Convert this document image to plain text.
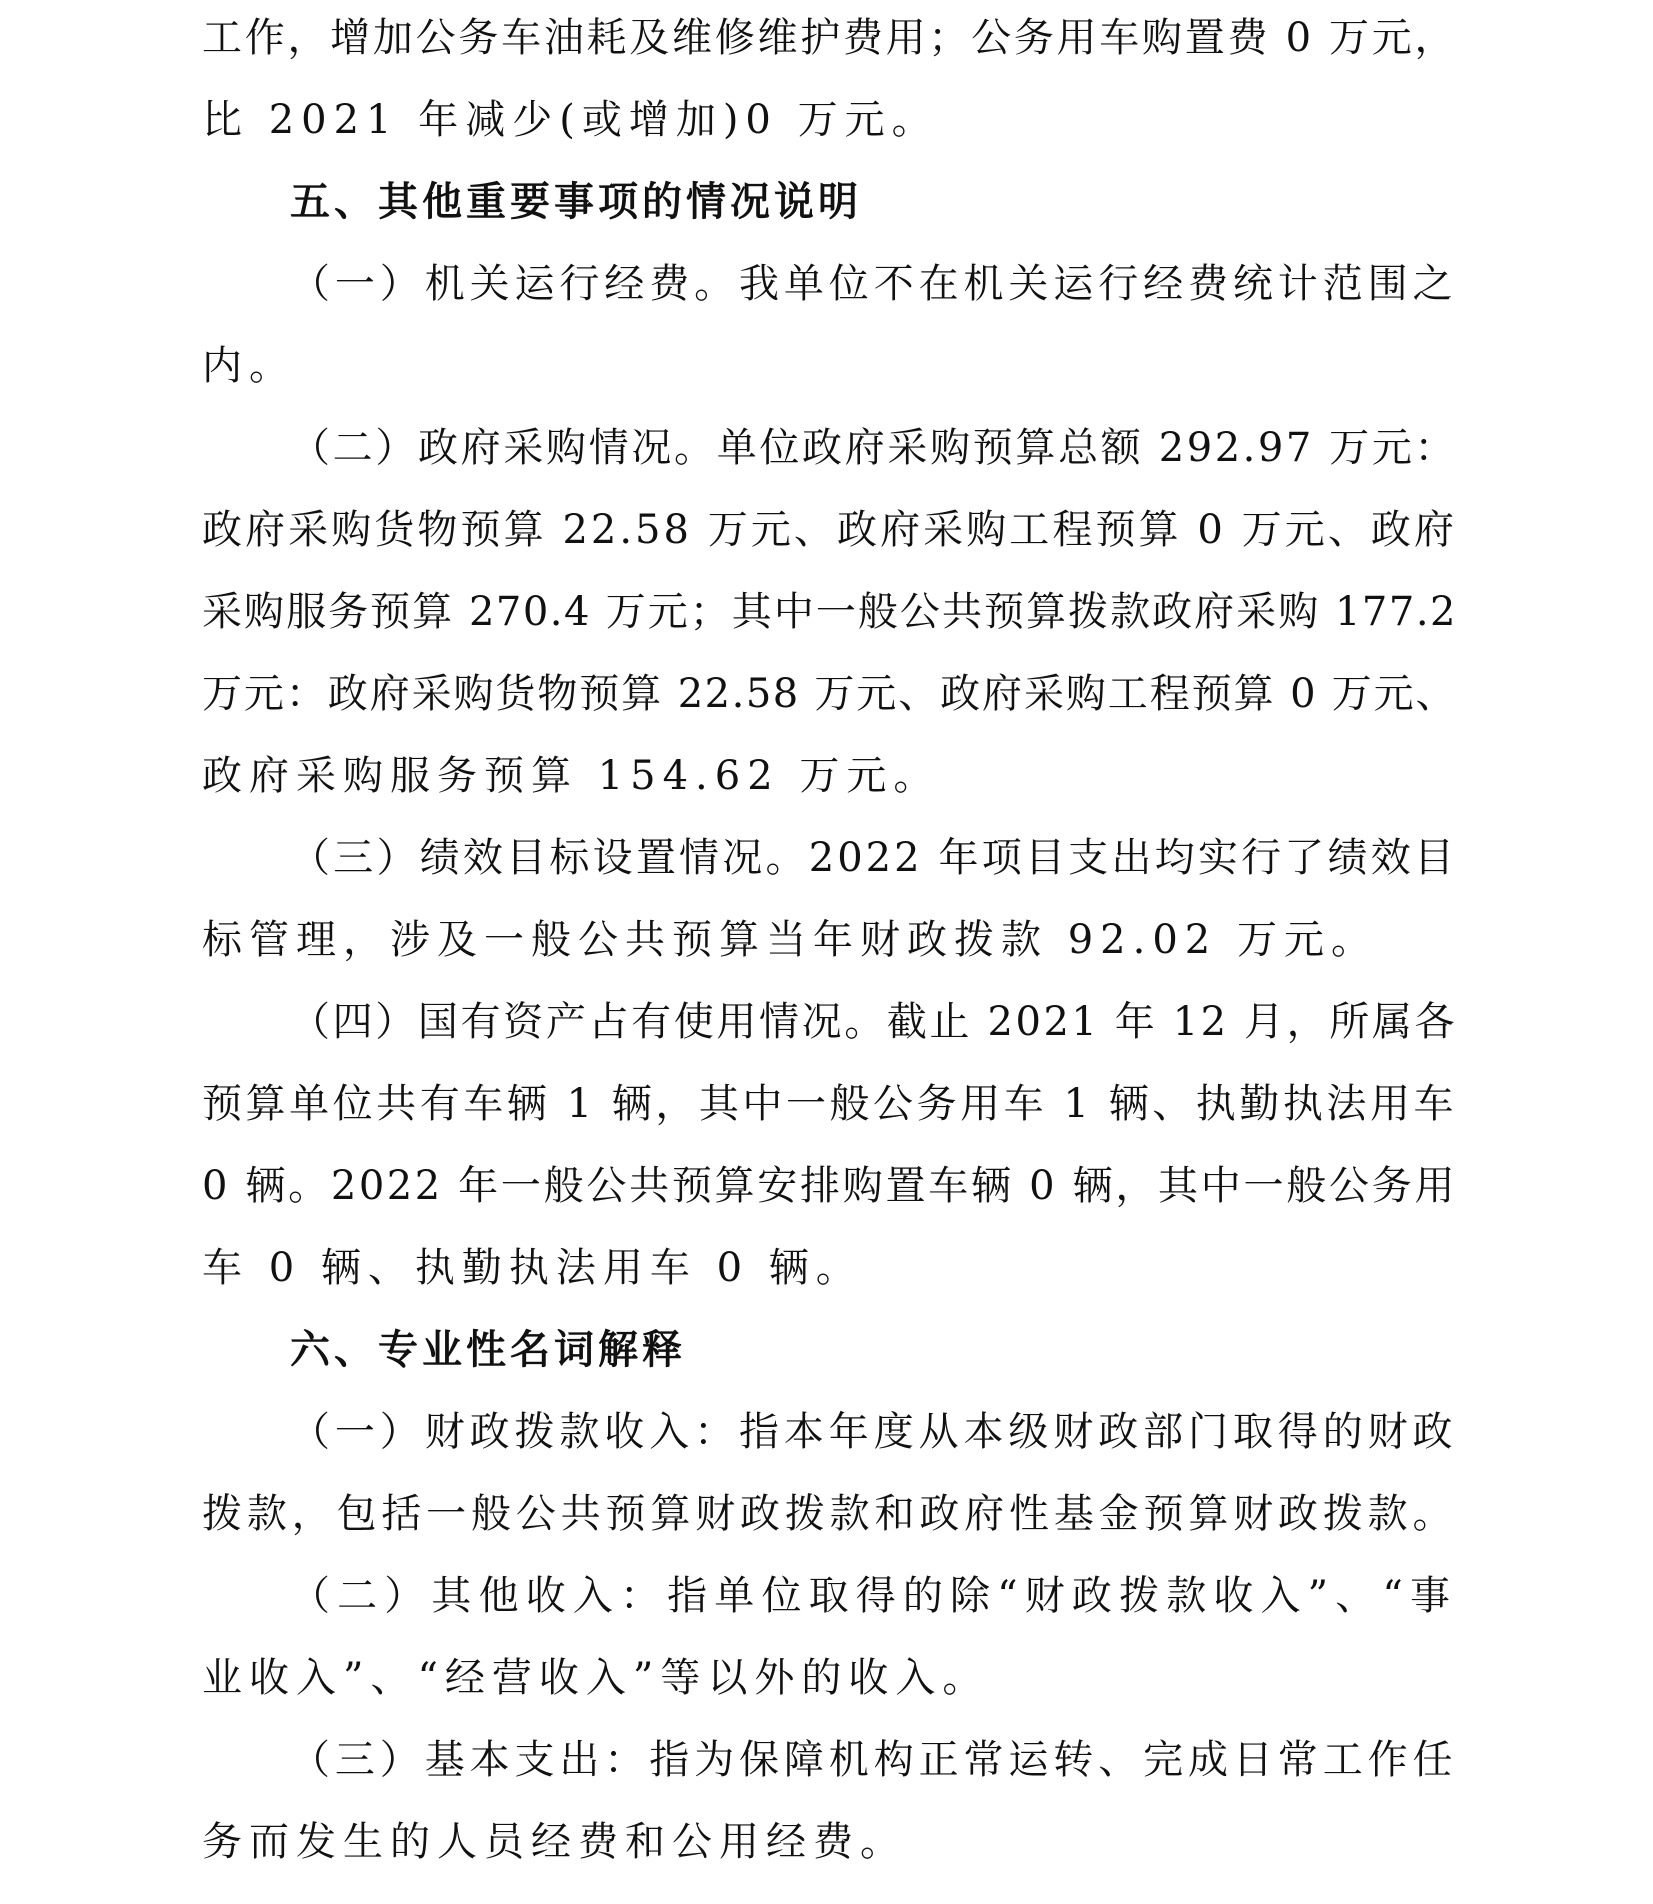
工作，增加公务车油耗及维修维护费用；公务用车购置费 0 万元，
比 2021 年减少(或增加)0 万元。
五、其他重要事项的情况说明
（一）机关运行经费。我单位不在机关运行经费统计范围之
内。
（二）政府采购情况。单位政府采购预算总额 292.97 万元：
政府采购货物预算 22.58 万元、政府采购工程预算 0 万元、政府
采购服务预算 270.4 万元；其中一般公共预算拨款政府采购 177.2
万元：政府采购货物预算 22.58 万元、政府采购工程预算 0 万元、
政府采购服务预算 154.62 万元。
（三）绩效目标设置情况。2022 年项目支出均实行了绩效目
标管理，涉及一般公共预算当年财政拨款 92.02 万元。
（四）国有资产占有使用情况。截止 2021 年 12 月，所属各
预算单位共有车辆 1 辆，其中一般公务用车 1 辆、执勤执法用车
0 辆。2022 年一般公共预算安排购置车辆 0 辆，其中一般公务用
车 0 辆、执勤执法用车 0 辆。
六、专业性名词解释
（一）财政拨款收入：指本年度从本级财政部门取得的财政
拨款，包括一般公共预算财政拨款和政府性基金预算财政拨款。
（二）其他收入：指单位取得的除“财政拨款收入”、“事
业收入”、“经营收入”等以外的收入。
（三）基本支出：指为保障机构正常运转、完成日常工作任
务而发生的人员经费和公用经费。
